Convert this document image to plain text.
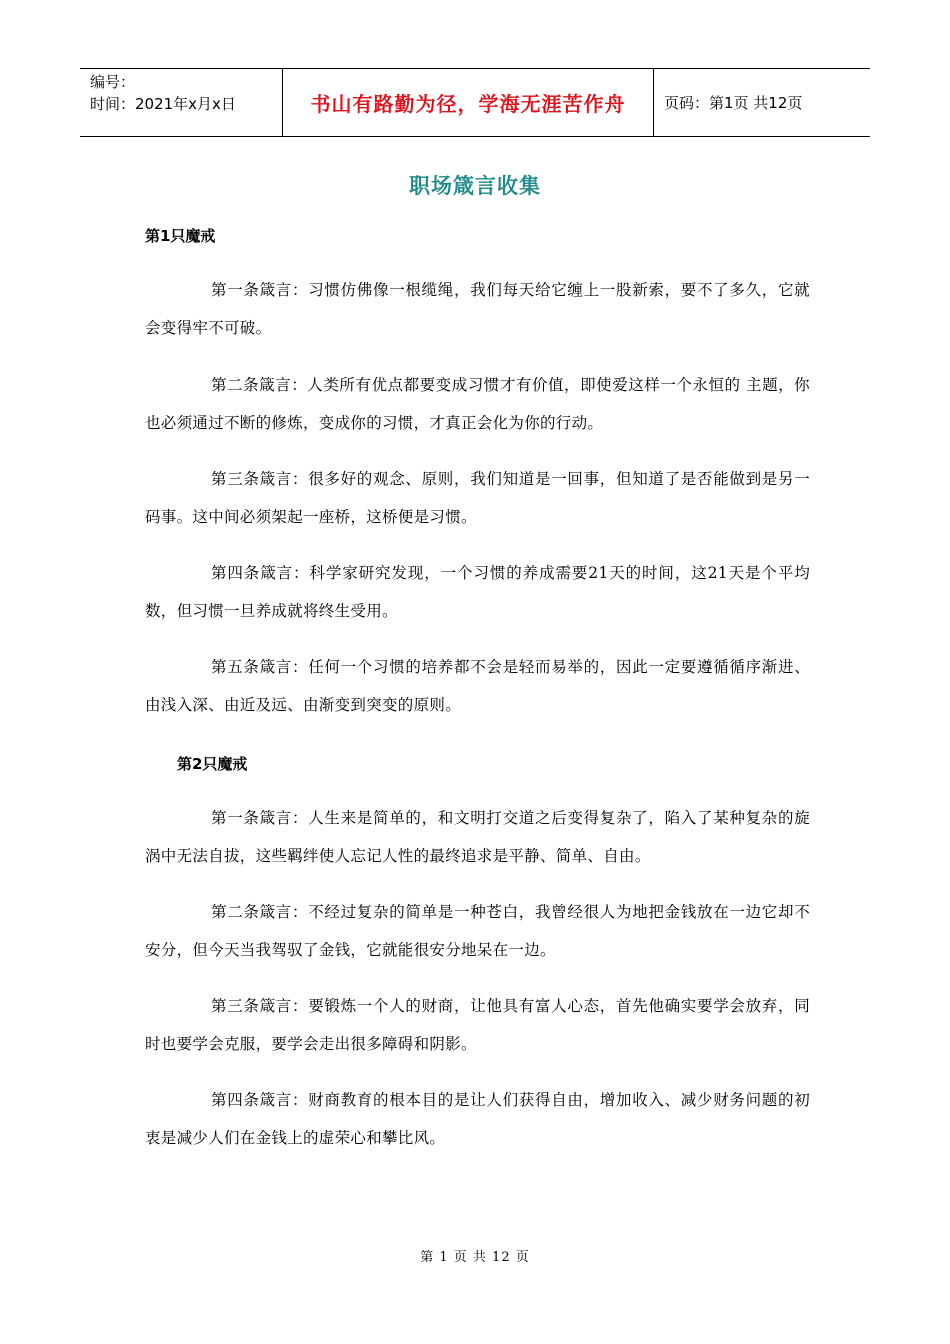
编号：
时间：2021年x月x日	书山有路勤为径，学海无涯苦作舟	页码：第1页 共12页
职场箴言收集
第1只魔戒
第一条箴言：习惯仿佛像一根缆绳，我们每天给它缠上一股新索，要不了多久，它就会变得牢不可破。
第二条箴言：人类所有优点都要变成习惯才有价值，即使爱这样一个永恒的 主题，你也必须通过不断的修炼，变成你的习惯，才真正会化为你的行动。
第三条箴言：很多好的观念、原则，我们知道是一回事，但知道了是否能做到是另一码事。这中间必须架起一座桥，这桥便是习惯。
第四条箴言：科学家研究发现，一个习惯的养成需要21天的时间，这21天是个平均数，但习惯一旦养成就将终生受用。
第五条箴言：任何一个习惯的培养都不会是轻而易举的，因此一定要遵循循序渐进、由浅入深、由近及远、由渐变到突变的原则。
第2只魔戒
第一条箴言：人生来是简单的，和文明打交道之后变得复杂了，陷入了某种复杂的旋涡中无法自拔，这些羁绊使人忘记人性的最终追求是平静、简单、自由。
第二条箴言：不经过复杂的简单是一种苍白，我曾经很人为地把金钱放在一边它却不安分，但今天当我驾驭了金钱，它就能很安分地呆在一边。
第三条箴言：要锻炼一个人的财商，让他具有富人心态，首先他确实要学会放弃，同时也要学会克服，要学会走出很多障碍和阴影。
第四条箴言：财商教育的根本目的是让人们获得自由，增加收入、减少财务问题的初衷是减少人们在金钱上的虚荣心和攀比风。
第 1 页 共 12 页
